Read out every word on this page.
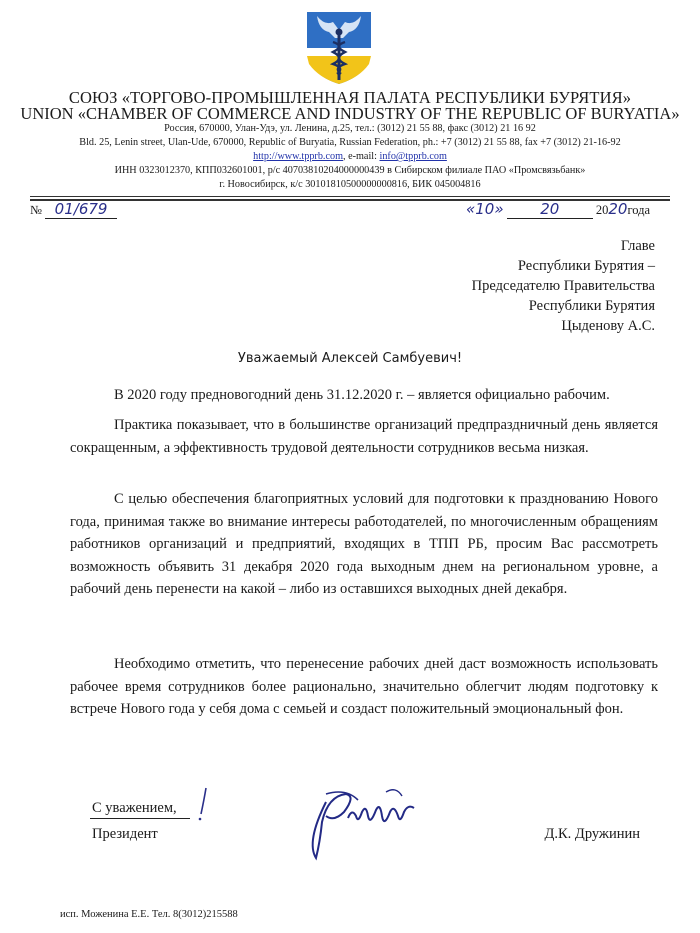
СОЮЗ «ТОРГОВО-ПРОМЫШЛЕННАЯ ПАЛАТА РЕСПУБЛИКИ БУРЯТИЯ»
UNION «CHAMBER OF COMMERCE AND INDUSTRY OF THE REPUBLIC OF BURYATIA»
Россия, 670000, Улан-Удэ, ул. Ленина, д.25, тел.: (3012) 21 55 88, факс (3012) 21 16 92
Bld. 25, Lenin street, Ulan-Ude, 670000, Republic of Buryatia, Russian Federation, ph.: +7 (3012) 21 55 88, fax +7 (3012) 21-16-92
http://www.tpprb.com, e-mail: info@tpprb.com
ИНН 0323012370, КПП032601001, р/с 40703810204000000439 в Сибирском филиале ПАО «Промсвязьбанк»
г. Новосибирск, к/с 30101810500000000816, БИК 045004816
№ 01/679	«10» 20	2020года
Главе
Республики Бурятия –
Председателю Правительства
Республики Бурятия
Цыденову А.С.
Уважаемый Алексей Самбуевич!

В 2020 году предновогодний день 31.12.2020 г. – является официально рабочим.

Практика показывает, что в большинстве организаций предпраздничный день является сокращенным, а эффективность трудовой деятельности сотрудников весьма низкая.

С целью обеспечения благоприятных условий для подготовки к празднованию Нового года, принимая также во внимание интересы работодателей, по многочисленным обращениям работников организаций и предприятий, входящих в ТПП РБ, просим Вас рассмотреть возможность объявить 31 декабря 2020 года выходным днем на региональном уровне, а рабочий день перенести на какой – либо из оставшихся выходных дней декабря.

Необходимо отметить, что перенесение рабочих дней даст возможность использовать рабочее время сотрудников более рационально, значительно облегчит людям подготовку к встрече Нового года у себя дома с семьей и создаст положительный эмоциональный фон.

С уважением,
Президент	Д.К. Дружинин
исп. Моженина Е.Е. Тел. 8(3012)215588
